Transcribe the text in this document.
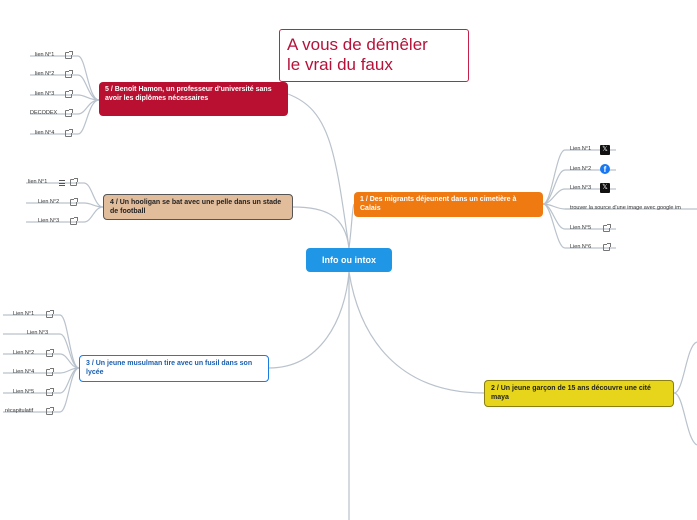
A vous de démêler
le vrai du faux
Info ou intox
1 / Des migrants déjeunent dans un cimetière à Calais
2 / Un jeune garçon de 15 ans découvre une cité maya
3 / Un jeune musulman tire avec un fusil dans son lycée
4 / Un hooligan se bat avec une pelle dans un stade de football
5 / Benoît Hamon, un professeur d'université sans avoir les diplômes nécessaires
Lien N°1	𝕏
Lien N°2	f
Lien N°3	𝕏
trouver la source d'une image avec google im
Lien N°5
Lien N°6
lien N°1
lien N°2
lien N°3
DECODEX
lien N°4
lien N°1
Lien N°2
Lien N°3
Lien N°1
Lien N°3
Lien N°2
Lien N°4
Lien N°5
récapitulatif
